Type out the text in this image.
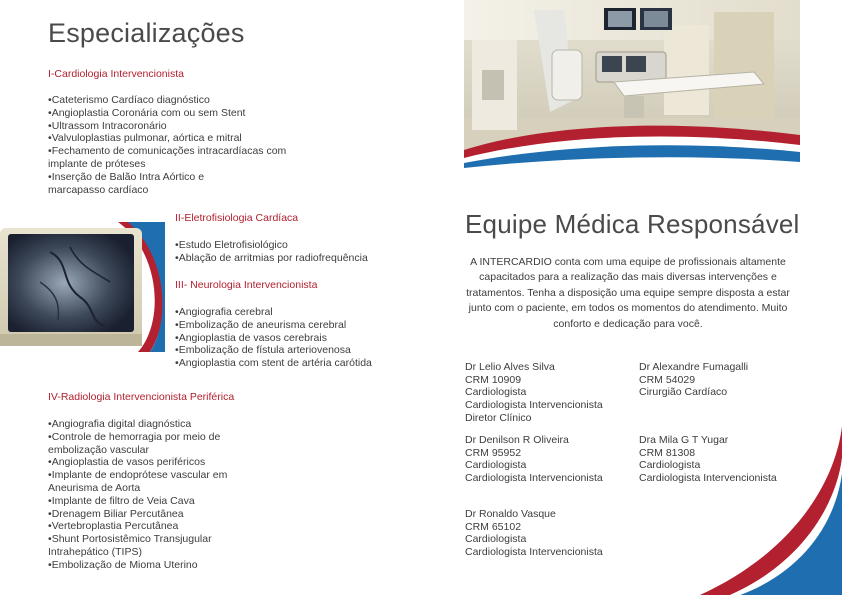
Especializações
I-Cardiologia Intervencionista
• Cateterismo Cardíaco diagnóstico
• Angioplastia Coronária com ou sem Stent
• Ultrassom Intracoronário
• Valvuloplastias pulmonar, aórtica e mitral
• Fechamento de comunicações intracardíacas com implante de próteses
• Inserção de Balão Intra Aórtico e marcapasso cardíaco
II-Eletrofisiologia Cardíaca
• Estudo Eletrofisiológico
• Ablação de arritmias por radiofrequência
III- Neurologia Intervencionista
• Angiografia cerebral
• Embolização de aneurisma cerebral
• Angioplastia de vasos cerebrais
• Embolização de fístula arteriovenosa
• Angioplastia com stent de artéria carótida
IV-Radiologia Intervencionista Periférica
• Angiografia digital diagnóstica
• Controle de hemorragia por meio de embolização vascular
• Angioplastia de vasos periféricos
• Implante de endoprótese vascular em Aneurisma de Aorta
• Implante de filtro de Veia Cava
• Drenagem Biliar Percutânea
• Vertebroplastia Percutânea
• Shunt Portosistêmico Transjugular Intrahepático (TIPS)
• Embolização de Mioma Uterino
Equipe Médica Responsável
A INTERCARDIO conta com uma equipe de profissionais altamente capacitados para a realização das mais diversas intervenções e tratamentos. Tenha a disposição uma equipe sempre disposta a estar junto com o paciente, em todos os momentos do atendimento. Muito conforto e dedicação para você.
Dr Lelio Alves Silva
CRM 10909
Cardiologista
Cardiologista Intervencionista
Diretor Clínico
Dr Alexandre Fumagalli
CRM 54029
Cirurgião Cardíaco
Dr Denilson R Oliveira
CRM 95952
Cardiologista
Cardiologista Intervencionista
Dra Mila G T Yugar
CRM 81308
Cardiologista
Cardiologista Intervencionista
Dr Ronaldo Vasque
CRM 65102
Cardiologista
Cardiologista Intervencionista
